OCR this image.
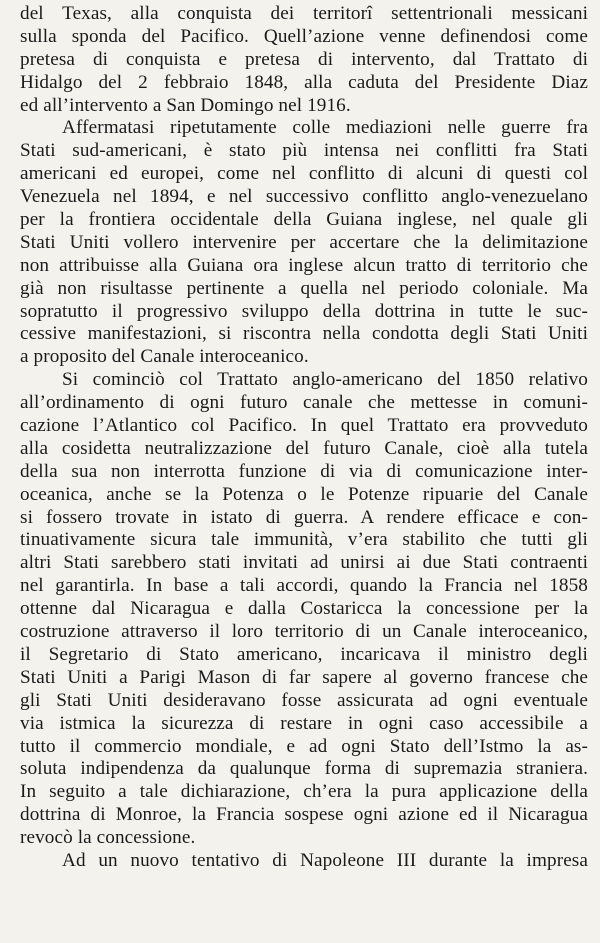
del Texas, alla conquista dei territorî settentrionali messicani
sulla sponda del Pacifico. Quell’azione venne definendosi come
pretesa di conquista e pretesa di intervento, dal Trattato di
Hidalgo del 2 febbraio 1848, alla caduta del Presidente Diaz
ed all’intervento a San Domingo nel 1916.
Affermatasi ripetutamente colle mediazioni nelle guerre fra
Stati sud-americani, è stato più intensa nei conflitti fra Stati
americani ed europei, come nel conflitto di alcuni di questi col
Venezuela nel 1894, e nel successivo conflitto anglo-venezuelano
per la frontiera occidentale della Guiana inglese, nel quale gli
Stati Uniti vollero intervenire per accertare che la delimitazione
non attribuisse alla Guiana ora inglese alcun tratto di territorio che
già non risultasse pertinente a quella nel periodo coloniale. Ma
sopratutto il progressivo sviluppo della dottrina in tutte le suc-
cessive manifestazioni, si riscontra nella condotta degli Stati Uniti
a proposito del Canale interoceanico.
Si cominciò col Trattato anglo-americano del 1850 relativo
all’ordinamento di ogni futuro canale che mettesse in comuni-
cazione l’Atlantico col Pacifico. In quel Trattato era provveduto
alla cosidetta neutralizzazione del futuro Canale, cioè alla tutela
della sua non interrotta funzione di via di comunicazione inter-
oceanica, anche se la Potenza o le Potenze ripuarie del Canale
si fossero trovate in istato di guerra. A rendere efficace e con-
tinuativamente sicura tale immunità, v’era stabilito che tutti gli
altri Stati sarebbero stati invitati ad unirsi ai due Stati contraenti
nel garantirla. In base a tali accordi, quando la Francia nel 1858
ottenne dal Nicaragua e dalla Costaricca la concessione per la
costruzione attraverso il loro territorio di un Canale interoceanico,
il Segretario di Stato americano, incaricava il ministro degli
Stati Uniti a Parigi Mason di far sapere al governo francese che
gli Stati Uniti desideravano fosse assicurata ad ogni eventuale
via istmica la sicurezza di restare in ogni caso accessibile a
tutto il commercio mondiale, e ad ogni Stato dell’Istmo la as-
soluta indipendenza da qualunque forma di supremazia straniera.
In seguito a tale dichiarazione, ch’era la pura applicazione della
dottrina di Monroe, la Francia sospese ogni azione ed il Nicaragua
revocò la concessione.
Ad un nuovo tentativo di Napoleone III durante la impresa
